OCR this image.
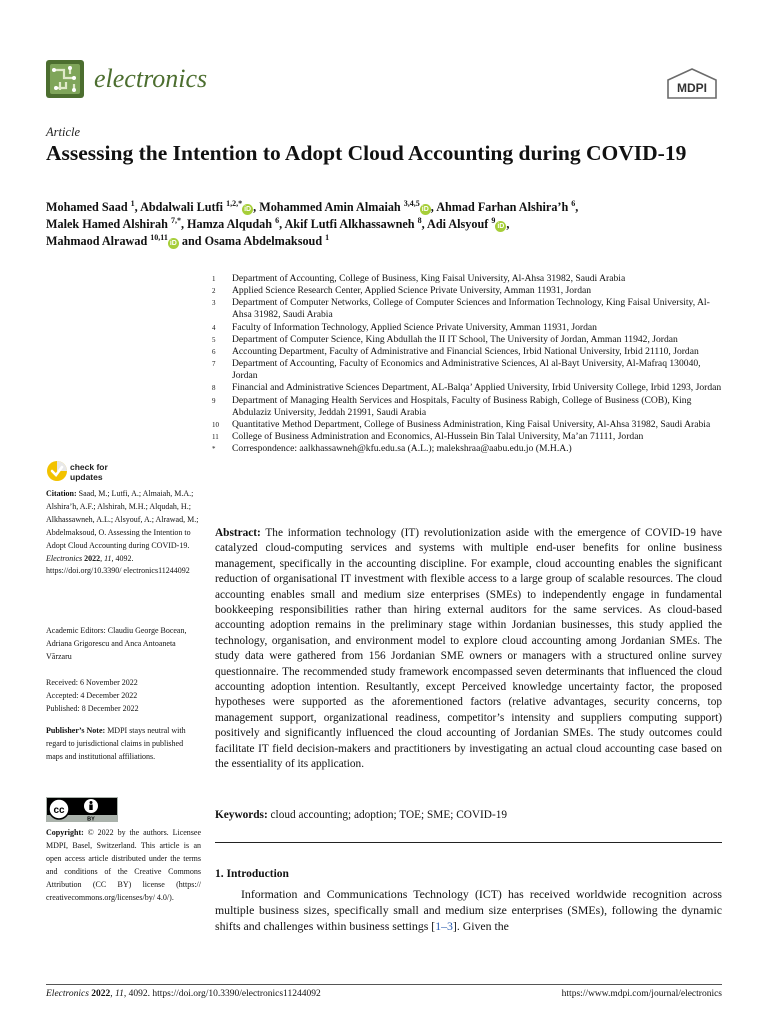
electronics	MDPI
Article
Assessing the Intention to Adopt Cloud Accounting during COVID-19
Mohamed Saad $^1$, Abdalwali Lutfi $^{1,2,*}$iD , Mohammed Amin Almaiah $^{3,4,5}$iD , Ahmad Farhan Alshira’h $^6$,
Malek Hamed Alshirah $^{7,*}$, Hamza Alqudah $^6$, Akif Lutfi Alkhassawneh $^8$, Adi Alsyouf $^9$iD ,
Mahmaod Alrawad $^{10,11}$iD and Osama Abdelmaksoud $^1$
1	Department of Accounting, College of Business, King Faisal University, Al-Ahsa 31982, Saudi Arabia
2	Applied Science Research Center, Applied Science Private University, Amman 11931, Jordan
3	Department of Computer Networks, College of Computer Sciences and Information Technology, King Faisal University, Al-Ahsa 31982, Saudi Arabia
4	Faculty of Information Technology, Applied Science Private University, Amman 11931, Jordan
5	Department of Computer Science, King Abdullah the II IT School, The University of Jordan, Amman 11942, Jordan
6	Accounting Department, Faculty of Administrative and Financial Sciences, Irbid National University, Irbid 21110, Jordan
7	Department of Accounting, Faculty of Economics and Administrative Sciences, Al al-Bayt University, Al-Mafraq 130040, Jordan
8	Financial and Administrative Sciences Department, AL-Balqa’ Applied University, Irbid University College, Irbid 1293, Jordan
9	Department of Managing Health Services and Hospitals, Faculty of Business Rabigh, College of Business (COB), King Abdulaziz University, Jeddah 21991, Saudi Arabia
10	Quantitative Method Department, College of Business Administration, King Faisal University, Al-Ahsa 31982, Saudi Arabia
11	College of Business Administration and Economics, Al-Hussein Bin Talal University, Ma’an 71111, Jordan
*	Correspondence: aalkhassawneh@kfu.edu.sa (A.L.); malekshraa@aabu.edu.jo (M.H.A.)
check for
updates
Citation: Saad, M.; Lutfi, A.; Almaiah, M.A.; Alshira’h, A.F.; Alshirah, M.H.; Alqudah, H.; Alkhassawneh, A.L.; Alsyouf, A.; Alrawad, M.; Abdelmaksoud, O. Assessing the Intention to Adopt Cloud Accounting during COVID-19. Electronics 2022, 11, 4092. https://doi.org/10.3390/ electronics11244092
Academic Editors: Claudiu George Bocean, Adriana Grigorescu and Anca Antoaneta Vărzaru
Received: 6 November 2022
Accepted: 4 December 2022
Published: 8 December 2022
Publisher’s Note: MDPI stays neutral with regard to jurisdictional claims in published maps and institutional affiliations.
cc
BY
Copyright: © 2022 by the authors. Licensee MDPI, Basel, Switzerland. This article is an open access article distributed under the terms and conditions of the Creative Commons Attribution (CC BY) license (https:// creativecommons.org/licenses/by/ 4.0/).
Abstract: The information technology (IT) revolutionization aside with the emergence of COVID-19 have catalyzed cloud-computing services and systems with multiple end-user benefits for online business management, specifically in the accounting discipline. For example, cloud accounting enables the significant reduction of organisational IT investment with flexible access to a large group of scalable resources. The cloud accounting enables small and medium size enterprises (SMEs) to independently engage in fundamental bookkeeping responsibilities rather than hiring external auditors for the same services. As cloud-based accounting adoption remains in the preliminary stage within Jordanian businesses, this study applied the technology, organisation, and environment model to explore cloud accounting among Jordanian SMEs. The study data were gathered from 156 Jordanian SME owners or managers with a structured online survey questionnaire. The recommended study framework encompassed seven determinants that influenced the cloud accounting adoption intention. Resultantly, except Perceived knowledge uncertainty factor, the proposed hypotheses were supported as the aforementioned factors (relative advantages, security concerns, top management support, organizational readiness, competitor’s intensity and suppliers computing support) positively and significantly influenced the cloud accounting of Jordanian SMEs. The study outcomes could facilitate IT field decision-makers and practitioners by investigating an actual cloud accounting case based on the essentiality of its application.
Keywords: cloud accounting; adoption; TOE; SME; COVID-19
1. Introduction
Information and Communications Technology (ICT) has received worldwide recognition across multiple business sizes, specifically small and medium size enterprises (SMEs), following the dynamic shifts and challenges within business settings [1–3]. Given the
Electronics 2022, 11, 4092. https://doi.org/10.3390/electronics11244092	https://www.mdpi.com/journal/electronics
